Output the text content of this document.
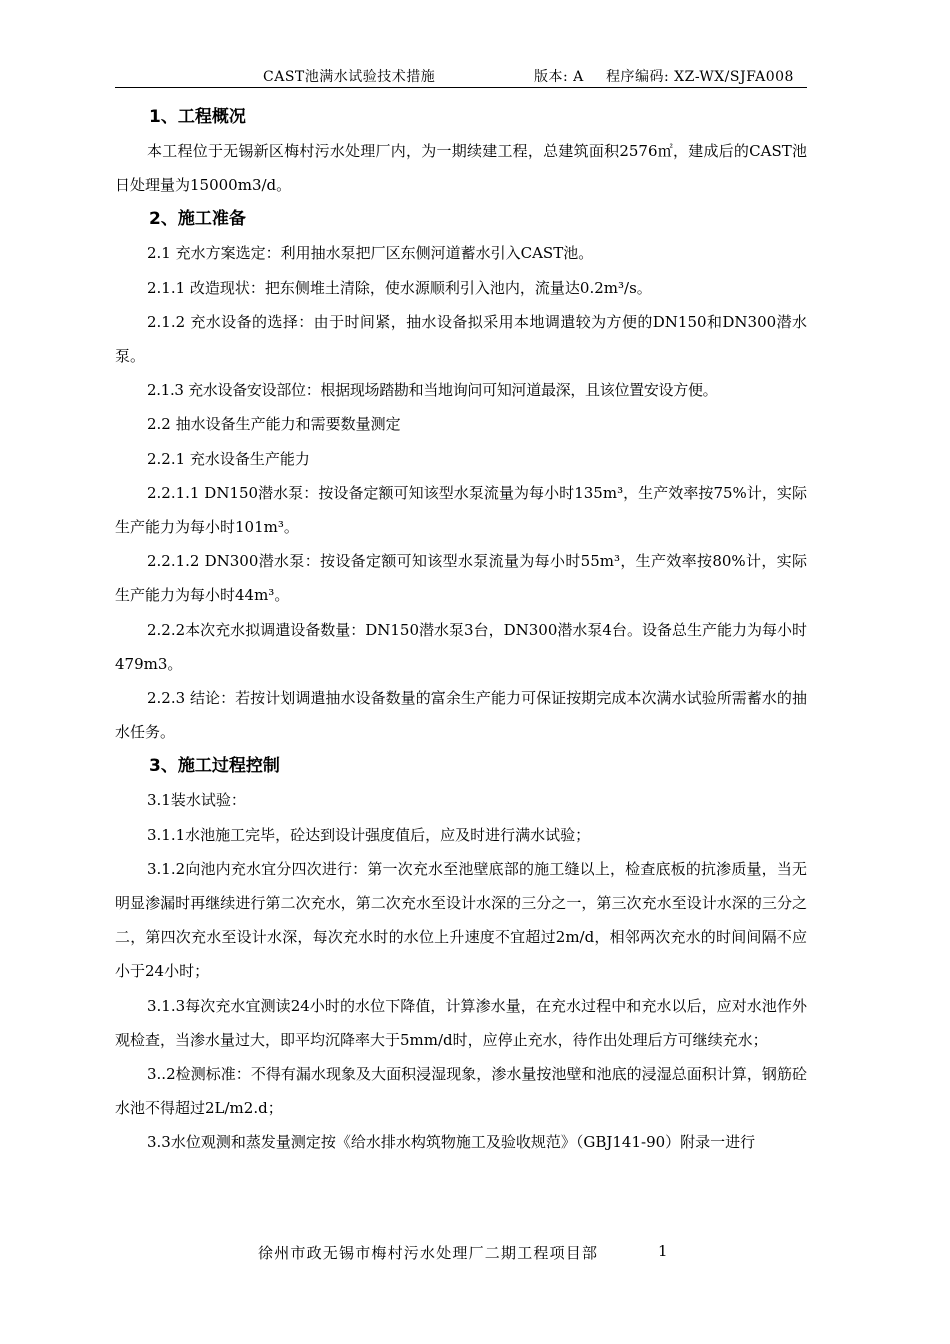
CAST池满水试验技术措施	版本: A 程序编码: XZ-WX/SJFA008
1、工程概况

本工程位于无锡新区梅村污水处理厂内，为一期续建工程，总建筑面积2576㎡，建成后的CAST池日处理量为15000m3/d。

2、施工准备

2.1 充水方案选定：利用抽水泵把厂区东侧河道蓄水引入CAST池。

2.1.1 改造现状：把东侧堆土清除，使水源顺利引入池内，流量达0.2m³/s。

2.1.2 充水设备的选择：由于时间紧，抽水设备拟采用本地调遣较为方便的DN150和DN300潜水泵。

2.1.3 充水设备安设部位：根据现场踏勘和当地询问可知河道最深，且该位置安设方便。

2.2 抽水设备生产能力和需要数量测定

2.2.1 充水设备生产能力

2.2.1.1 DN150潜水泵：按设备定额可知该型水泵流量为每小时135m³，生产效率按75%计，实际生产能力为每小时101m³。

2.2.1.2 DN300潜水泵：按设备定额可知该型水泵流量为每小时55m³，生产效率按80%计，实际生产能力为每小时44m³。

2.2.2本次充水拟调遣设备数量：DN150潜水泵3台，DN300潜水泵4台。设备总生产能力为每小时479m3。

2.2.3 结论：若按计划调遣抽水设备数量的富余生产能力可保证按期完成本次满水试验所需蓄水的抽水任务。

3、施工过程控制

3.1装水试验：

3.1.1水池施工完毕，砼达到设计强度值后，应及时进行满水试验；

3.1.2向池内充水宜分四次进行：第一次充水至池壁底部的施工缝以上，检查底板的抗渗质量，当无明显渗漏时再继续进行第二次充水，第二次充水至设计水深的三分之一，第三次充水至设计水深的三分之二，第四次充水至设计水深，每次充水时的水位上升速度不宜超过2m/d，相邻两次充水的时间间隔不应小于24小时；

3.1.3每次充水宜测读24小时的水位下降值，计算渗水量，在充水过程中和充水以后，应对水池作外观检查，当渗水量过大，即平均沉降率大于5mm/d时，应停止充水，待作出处理后方可继续充水；

3..2检测标准：不得有漏水现象及大面积浸湿现象，渗水量按池壁和池底的浸湿总面积计算，钢筋砼水池不得超过2L/m2.d；

3.3水位观测和蒸发量测定按《给水排水构筑物施工及验收规范》（GBJ141-90）附录一进行

徐州市政无锡市梅村污水处理厂二期工程项目部	1
